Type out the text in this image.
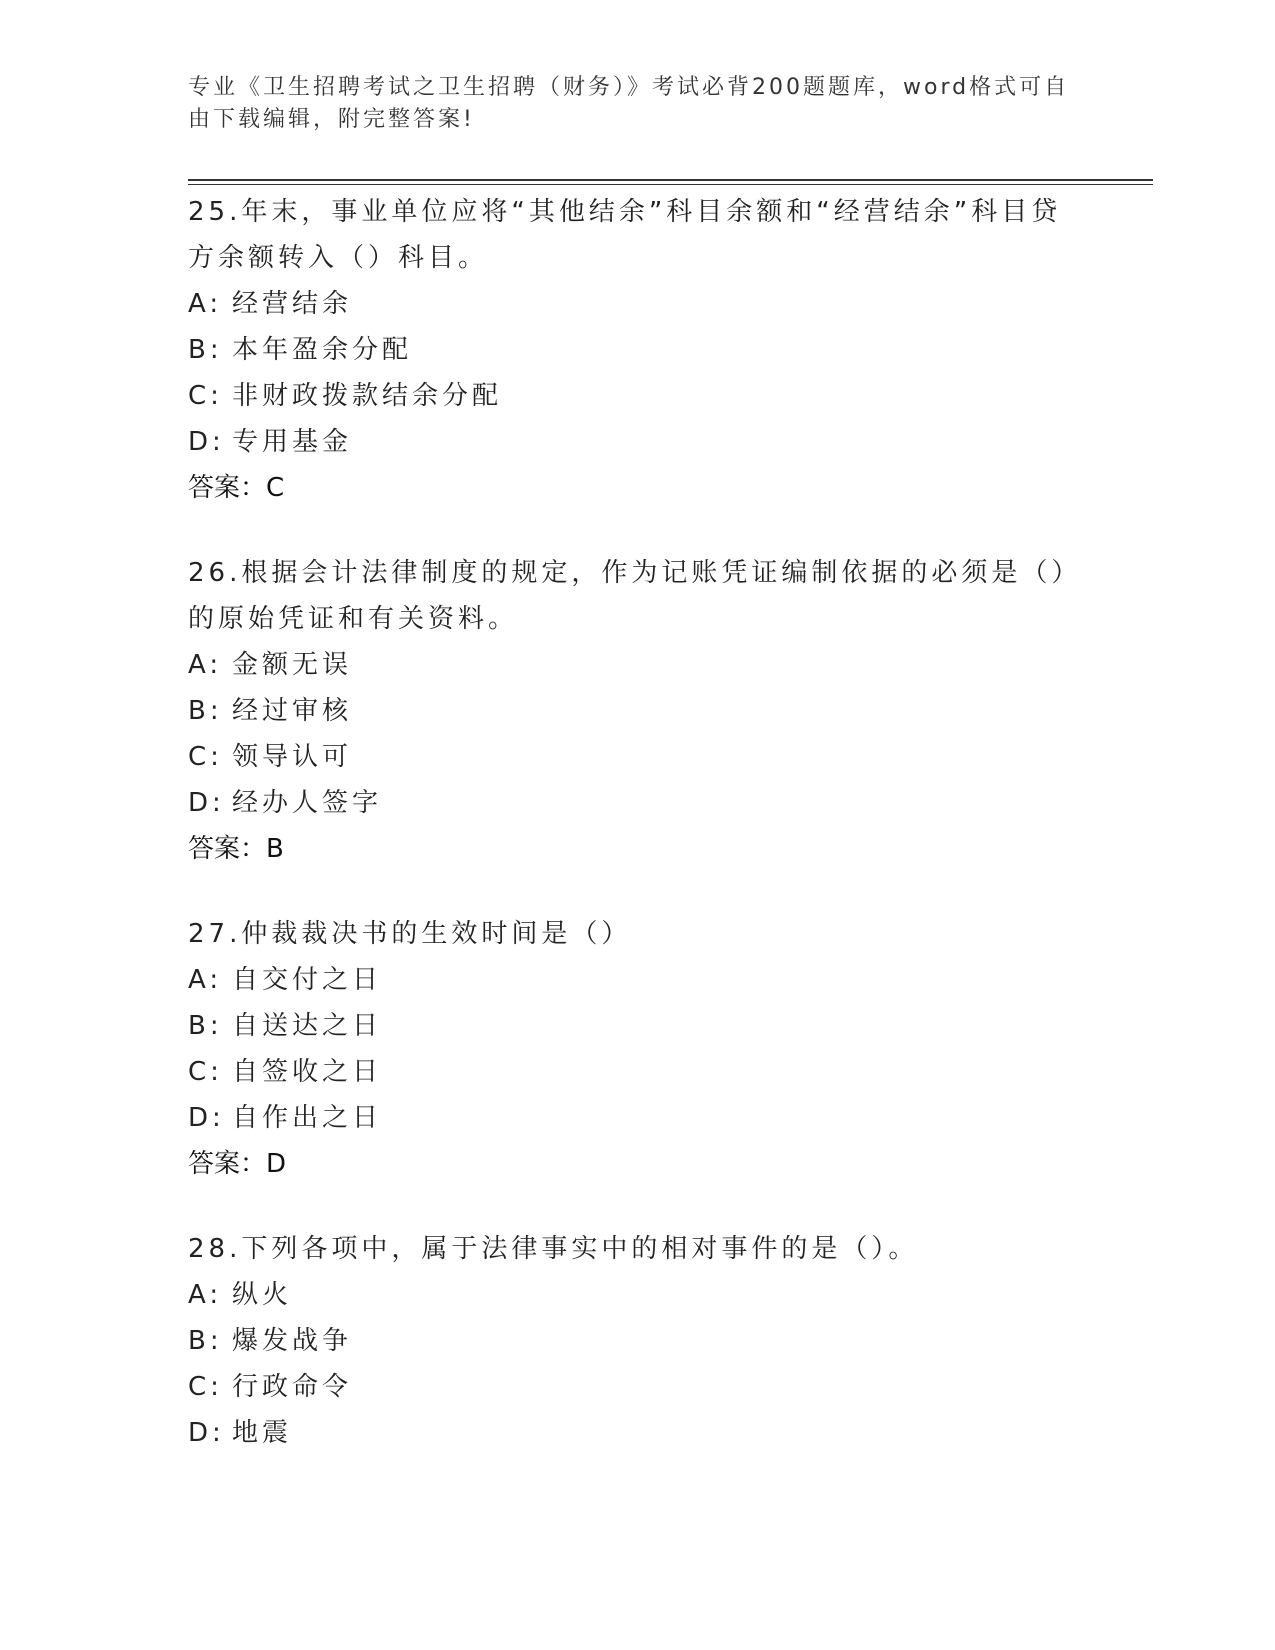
专业《卫生招聘考试之卫生招聘（财务）》考试必背200题题库，word格式可自由下载编辑，附完整答案!
25.年末，事业单位应将“其他结余”科目余额和“经营结余”科目贷方余额转入（）科目。
A: 经营结余
B: 本年盈余分配
C: 非财政拨款结余分配
D: 专用基金
答案：C
26.根据会计法律制度的规定，作为记账凭证编制依据的必须是（）的原始凭证和有关资料。
A: 金额无误
B: 经过审核
C: 领导认可
D: 经办人签字
答案：B
27.仲裁裁决书的生效时间是（）
A: 自交付之日
B: 自送达之日
C: 自签收之日
D: 自作出之日
答案：D
28.下列各项中，属于法律事实中的相对事件的是（）。
A: 纵火
B: 爆发战争
C: 行政命令
D: 地震
